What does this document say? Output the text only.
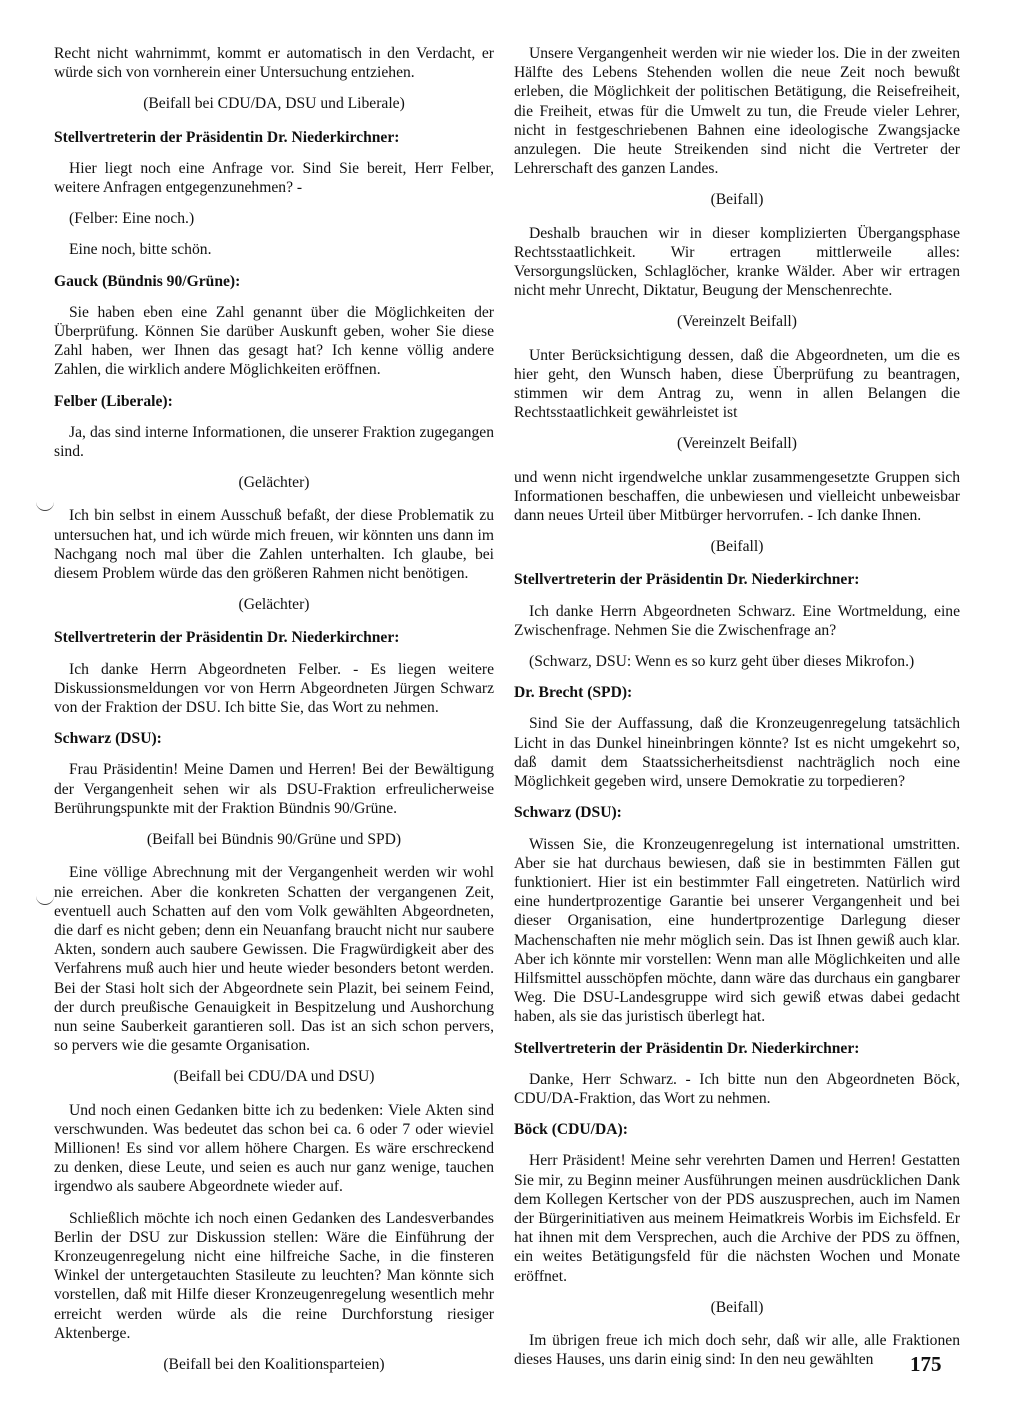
Recht nicht wahrnimmt, kommt er automatisch in den Verdacht, er würde sich von vornherein einer Untersuchung entziehen.
(Beifall bei CDU/DA, DSU und Liberale)
Stellvertreterin der Präsidentin Dr. Niederkirchner:
Hier liegt noch eine Anfrage vor. Sind Sie bereit, Herr Felber, weitere Anfragen entgegenzunehmen? -
(Felber: Eine noch.)
Eine noch, bitte schön.
Gauck (Bündnis 90/Grüne):
Sie haben eben eine Zahl genannt über die Möglichkeiten der Überprüfung. Können Sie darüber Auskunft geben, woher Sie diese Zahl haben, wer Ihnen das gesagt hat? Ich kenne völlig andere Zahlen, die wirklich andere Möglichkeiten eröffnen.
Felber (Liberale):
Ja, das sind interne Informationen, die unserer Fraktion zugegangen sind.
(Gelächter)
Ich bin selbst in einem Ausschuß befaßt, der diese Problematik zu untersuchen hat, und ich würde mich freuen, wir könnten uns dann im Nachgang noch mal über die Zahlen unterhalten. Ich glaube, bei diesem Problem würde das den größeren Rahmen nicht benötigen.
(Gelächter)
Stellvertreterin der Präsidentin Dr. Niederkirchner:
Ich danke Herrn Abgeordneten Felber. - Es liegen weitere Diskussionsmeldungen vor von Herrn Abgeordneten Jürgen Schwarz von der Fraktion der DSU. Ich bitte Sie, das Wort zu nehmen.
Schwarz (DSU):
Frau Präsidentin! Meine Damen und Herren! Bei der Bewältigung der Vergangenheit sehen wir als DSU-Fraktion erfreulicherweise Berührungspunkte mit der Fraktion Bündnis 90/Grüne.
(Beifall bei Bündnis 90/Grüne und SPD)
Eine völlige Abrechnung mit der Vergangenheit werden wir wohl nie erreichen. Aber die konkreten Schatten der vergangenen Zeit, eventuell auch Schatten auf den vom Volk gewählten Abgeordneten, die darf es nicht geben; denn ein Neuanfang braucht nicht nur saubere Akten, sondern auch saubere Gewissen. Die Fragwürdigkeit aber des Verfahrens muß auch hier und heute wieder besonders betont werden. Bei der Stasi holt sich der Abgeordnete sein Plazit, bei seinem Feind, der durch preußische Genauigkeit in Bespitzelung und Aushorchung nun seine Sauberkeit garantieren soll. Das ist an sich schon pervers, so pervers wie die gesamte Organisation.
(Beifall bei CDU/DA und DSU)
Und noch einen Gedanken bitte ich zu bedenken: Viele Akten sind verschwunden. Was bedeutet das schon bei ca. 6 oder 7 oder wieviel Millionen! Es sind vor allem höhere Chargen. Es wäre erschreckend zu denken, diese Leute, und seien es auch nur ganz wenige, tauchen irgendwo als saubere Abgeordnete wieder auf.
Schließlich möchte ich noch einen Gedanken des Landesverbandes Berlin der DSU zur Diskussion stellen: Wäre die Einführung der Kronzeugenregelung nicht eine hilfreiche Sache, in die finsteren Winkel der untergetauchten Stasileute zu leuchten? Man könnte sich vorstellen, daß mit Hilfe dieser Kronzeugenregelung wesentlich mehr erreicht werden würde als die reine Durchforstung riesiger Aktenberge.
(Beifall bei den Koalitionsparteien)
Unsere Vergangenheit werden wir nie wieder los. Die in der zweiten Hälfte des Lebens Stehenden wollen die neue Zeit noch bewußt erleben, die Möglichkeit der politischen Betätigung, die Reisefreiheit, die Freiheit, etwas für die Umwelt zu tun, die Freude vieler Lehrer, nicht in festgeschriebenen Bahnen eine ideologische Zwangsjacke anzulegen. Die heute Streikenden sind nicht die Vertreter der Lehrerschaft des ganzen Landes.
(Beifall)
Deshalb brauchen wir in dieser komplizierten Übergangsphase Rechtsstaatlichkeit. Wir ertragen mittlerweile alles: Versorgungslücken, Schlaglöcher, kranke Wälder. Aber wir ertragen nicht mehr Unrecht, Diktatur, Beugung der Menschenrechte.
(Vereinzelt Beifall)
Unter Berücksichtigung dessen, daß die Abgeordneten, um die es hier geht, den Wunsch haben, diese Überprüfung zu beantragen, stimmen wir dem Antrag zu, wenn in allen Belangen die Rechtsstaatlichkeit gewährleistet ist
(Vereinzelt Beifall)
und wenn nicht irgendwelche unklar zusammengesetzte Gruppen sich Informationen beschaffen, die unbewiesen und vielleicht unbeweisbar dann neues Urteil über Mitbürger hervorrufen. - Ich danke Ihnen.
(Beifall)
Stellvertreterin der Präsidentin Dr. Niederkirchner:
Ich danke Herrn Abgeordneten Schwarz. Eine Wortmeldung, eine Zwischenfrage. Nehmen Sie die Zwischenfrage an?
(Schwarz, DSU: Wenn es so kurz geht über dieses Mikrofon.)
Dr. Brecht (SPD):
Sind Sie der Auffassung, daß die Kronzeugenregelung tatsächlich Licht in das Dunkel hineinbringen könnte? Ist es nicht umgekehrt so, daß damit dem Staatssicherheitsdienst nachträglich noch eine Möglichkeit gegeben wird, unsere Demokratie zu torpedieren?
Schwarz (DSU):
Wissen Sie, die Kronzeugenregelung ist international umstritten. Aber sie hat durchaus bewiesen, daß sie in bestimmten Fällen gut funktioniert. Hier ist ein bestimmter Fall eingetreten. Natürlich wird eine hundertprozentige Garantie bei unserer Vergangenheit und bei dieser Organisation, eine hundertprozentige Darlegung dieser Machenschaften nie mehr möglich sein. Das ist Ihnen gewiß auch klar. Aber ich könnte mir vorstellen: Wenn man alle Möglichkeiten und alle Hilfsmittel ausschöpfen möchte, dann wäre das durchaus ein gangbarer Weg. Die DSU-Landesgruppe wird sich gewiß etwas dabei gedacht haben, als sie das juristisch überlegt hat.
Stellvertreterin der Präsidentin Dr. Niederkirchner:
Danke, Herr Schwarz. - Ich bitte nun den Abgeordneten Böck, CDU/DA-Fraktion, das Wort zu nehmen.
Böck (CDU/DA):
Herr Präsident! Meine sehr verehrten Damen und Herren! Gestatten Sie mir, zu Beginn meiner Ausführungen meinen ausdrücklichen Dank dem Kollegen Kertscher von der PDS auszusprechen, auch im Namen der Bürgerinitiativen aus meinem Heimatkreis Worbis im Eichsfeld. Er hat ihnen mit dem Versprechen, auch die Archive der PDS zu öffnen, ein weites Betätigungsfeld für die nächsten Wochen und Monate eröffnet.
(Beifall)
Im übrigen freue ich mich doch sehr, daß wir alle, alle Fraktionen dieses Hauses, uns darin einig sind: In den neu gewählten	175
